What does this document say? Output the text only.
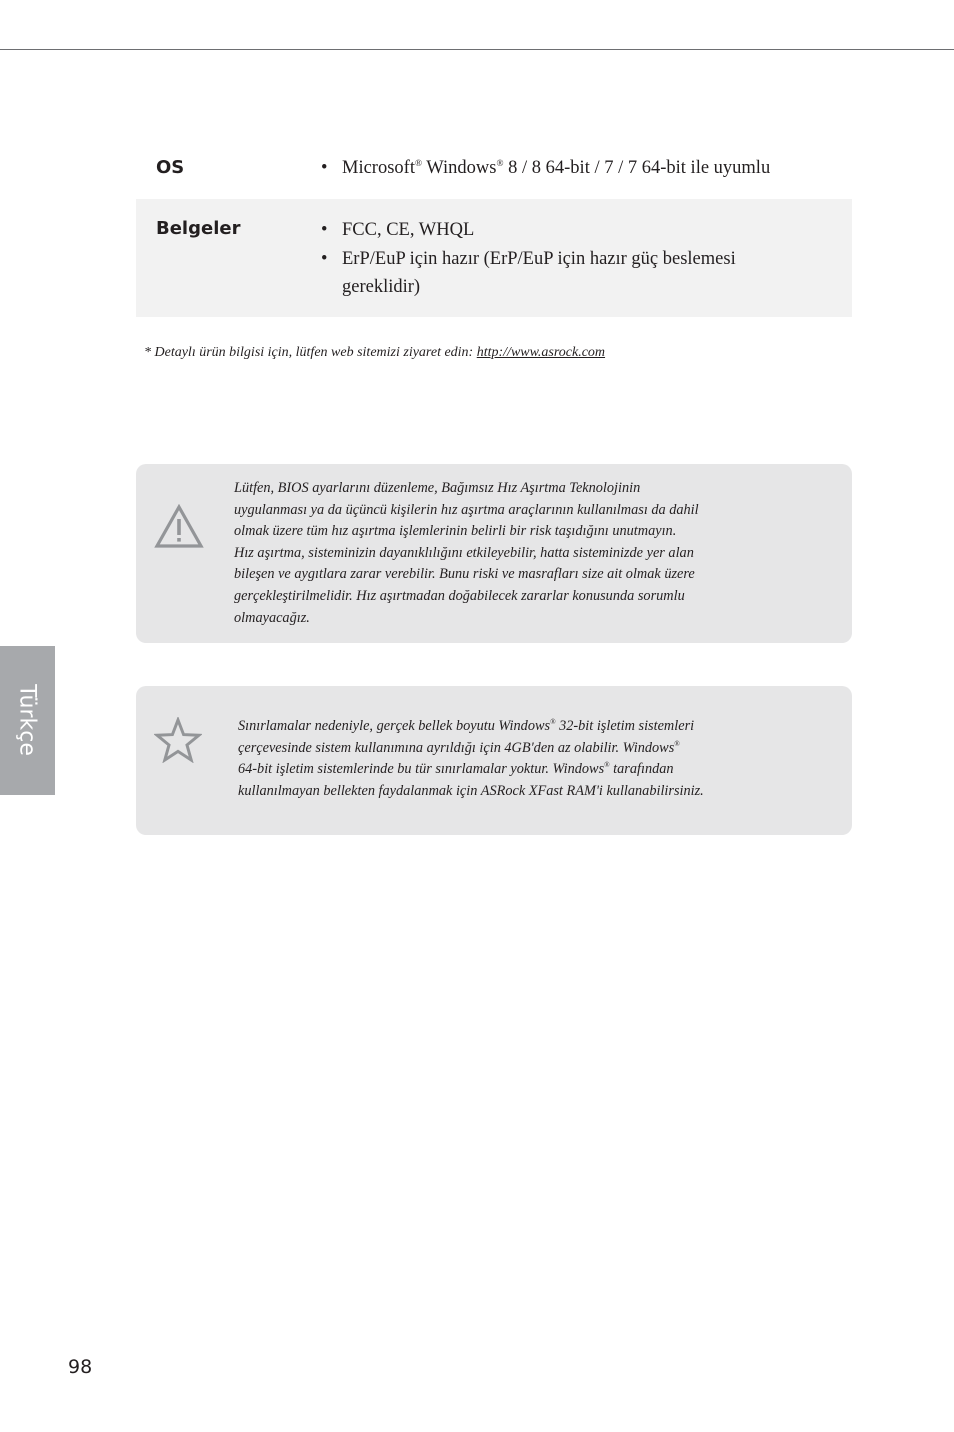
OS	• Microsoft® Windows® 8 / 8 64-bit / 7 / 7 64-bit ile uyumlu
Belgeler	• FCC, CE, WHQL
• ErP/EuP için hazır (ErP/EuP için hazır güç beslemesi
gereklidir)
* Detaylı ürün bilgisi için, lütfen web sitemizi ziyaret edin: http://www.asrock.com
Lütfen, BIOS ayarlarını düzenleme, Bağımsız Hız Aşırtma Teknolojinin
uygulanması ya da üçüncü kişilerin hız aşırtma araçlarının kullanılması da dahil
olmak üzere tüm hız aşırtma işlemlerinin belirli bir risk taşıdığını unutmayın.
Hız aşırtma, sisteminizin dayanıklılığını etkileyebilir, hatta sisteminizde yer alan
bileşen ve aygıtlara zarar verebilir. Bunu riski ve masrafları size ait olmak üzere
gerçekleştirilmelidir. Hız aşırtmadan doğabilecek zararlar konusunda sorumlu
olmayacağız.
Sınırlamalar nedeniyle, gerçek bellek boyutu Windows® 32-bit işletim sistemleri
çerçevesinde sistem kullanımına ayrıldığı için 4GB'den az olabilir. Windows®
64-bit işletim sistemlerinde bu tür sınırlamalar yoktur. Windows® tarafından
kullanılmayan bellekten faydalanmak için ASRock XFast RAM'i kullanabilirsiniz.
Türkçe
98
